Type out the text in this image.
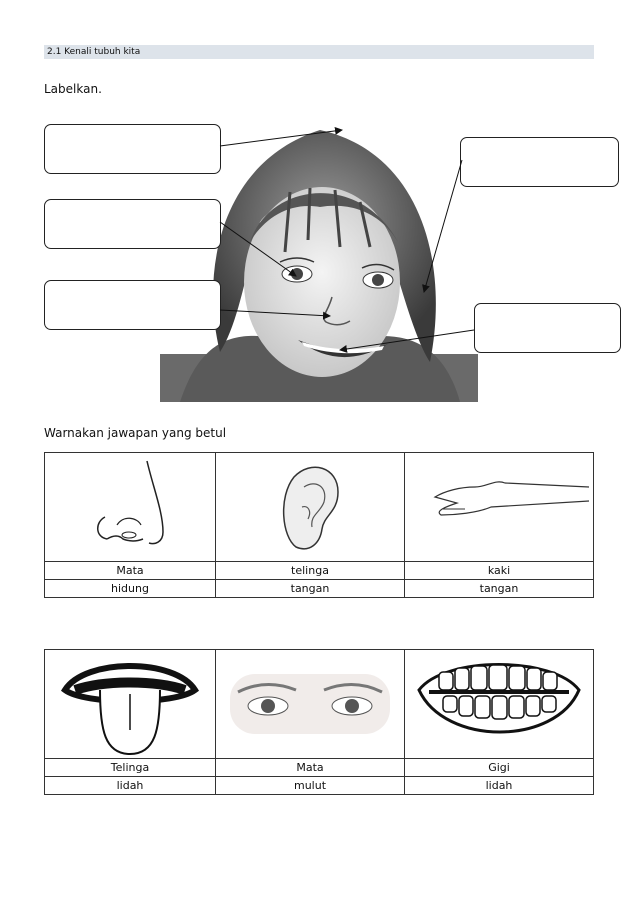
2.1 Kenali tubuh kita
Labelkan.
Warnakan jawapan yang betul

Mata	telinga	kaki
hidung	tangan	tangan

Telinga	Mata	Gigi
lidah	mulut	lidah
